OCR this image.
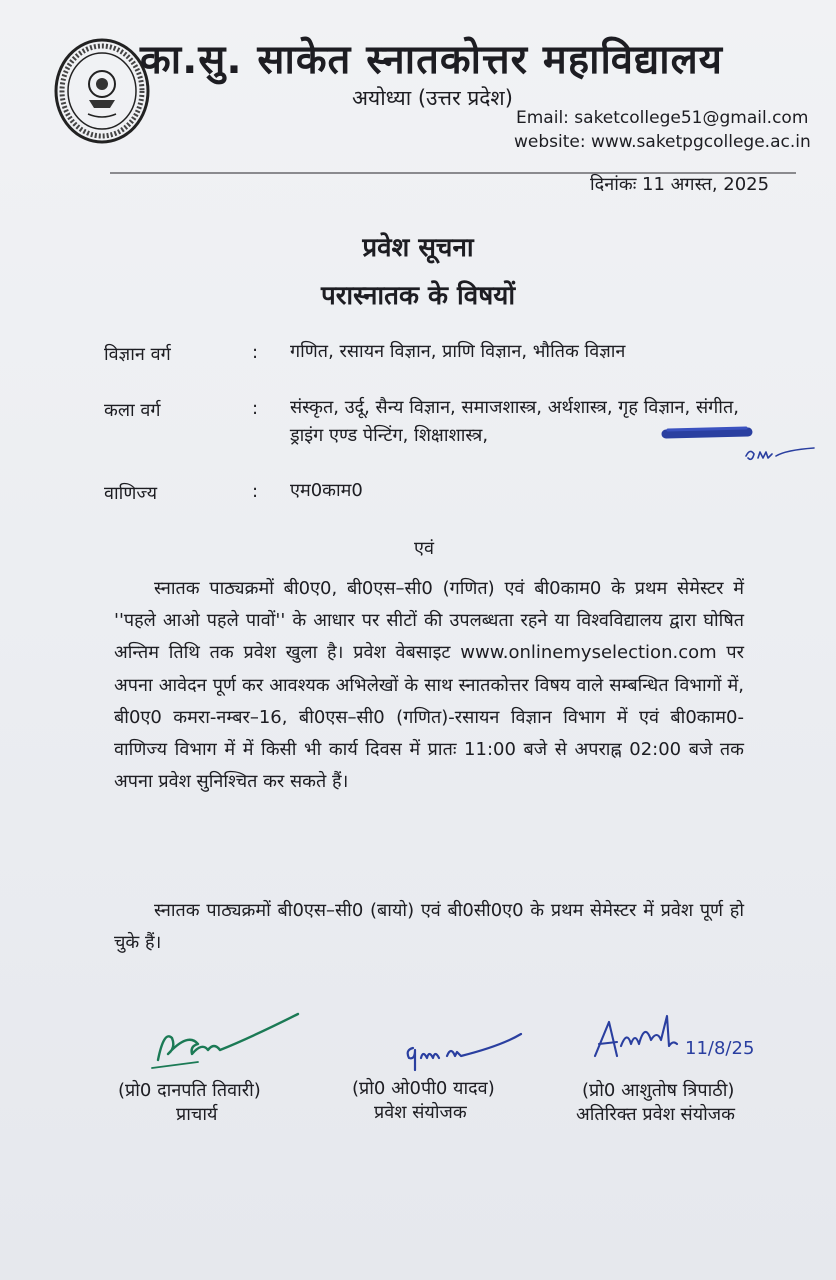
का.सु. साकेत स्नातकोत्तर महाविद्यालय
अयोध्या (उत्तर प्रदेश)
Email: saketcollege51@gmail.com
website: www.saketpgcollege.ac.in
दिनांकः 11 अगस्त, 2025
प्रवेश सूचना
परास्नातक के विषयों
विज्ञान वर्ग	: गणित, रसायन विज्ञान, प्राणि विज्ञान, भौतिक विज्ञान
कला वर्ग	: संस्कृत, उर्दू, सैन्य विज्ञान, समाजशास्त्र, अर्थशास्त्र, गृह विज्ञान, संगीत, ड्राइंग एण्ड पेन्टिंग, शिक्षाशास्त्र,
वाणिज्य	: एम0काम0
एवं
स्नातक पाठ्यक्रमों बी0ए0, बी0एस–सी0 (गणित) एवं बी0काम0 के प्रथम सेमेस्टर में ''पहले आओ पहले पावों'' के आधार पर सीटों की उपलब्धता रहने या विश्वविद्यालय द्वारा घोषित अन्तिम तिथि तक प्रवेश खुला है। प्रवेश वेबसाइट www.onlinemyselection.com पर अपना आवेदन पूर्ण कर आवश्यक अभिलेखों के साथ स्नातकोत्तर विषय वाले सम्बन्धित विभागों में, बी0ए0 कमरा-नम्बर–16, बी0एस–सी0 (गणित)-रसायन विज्ञान विभाग में एवं बी0काम0-वाणिज्य विभाग में में किसी भी कार्य दिवस में प्रातः 11:00 बजे से अपराह्न 02:00 बजे तक अपना प्रवेश सुनिश्चित कर सकते हैं।
स्नातक पाठ्यक्रमों बी0एस–सी0 (बायो) एवं बी0सी0ए0 के प्रथम सेमेस्टर में प्रवेश पूर्ण हो चुके हैं।
11/8/25
(प्रो0 दानपति तिवारी)
प्राचार्य
(प्रो0 ओ0पी0 यादव)
प्रवेश संयोजक
(प्रो0 आशुतोष त्रिपाठी)
अतिरिक्त प्रवेश संयोजक
